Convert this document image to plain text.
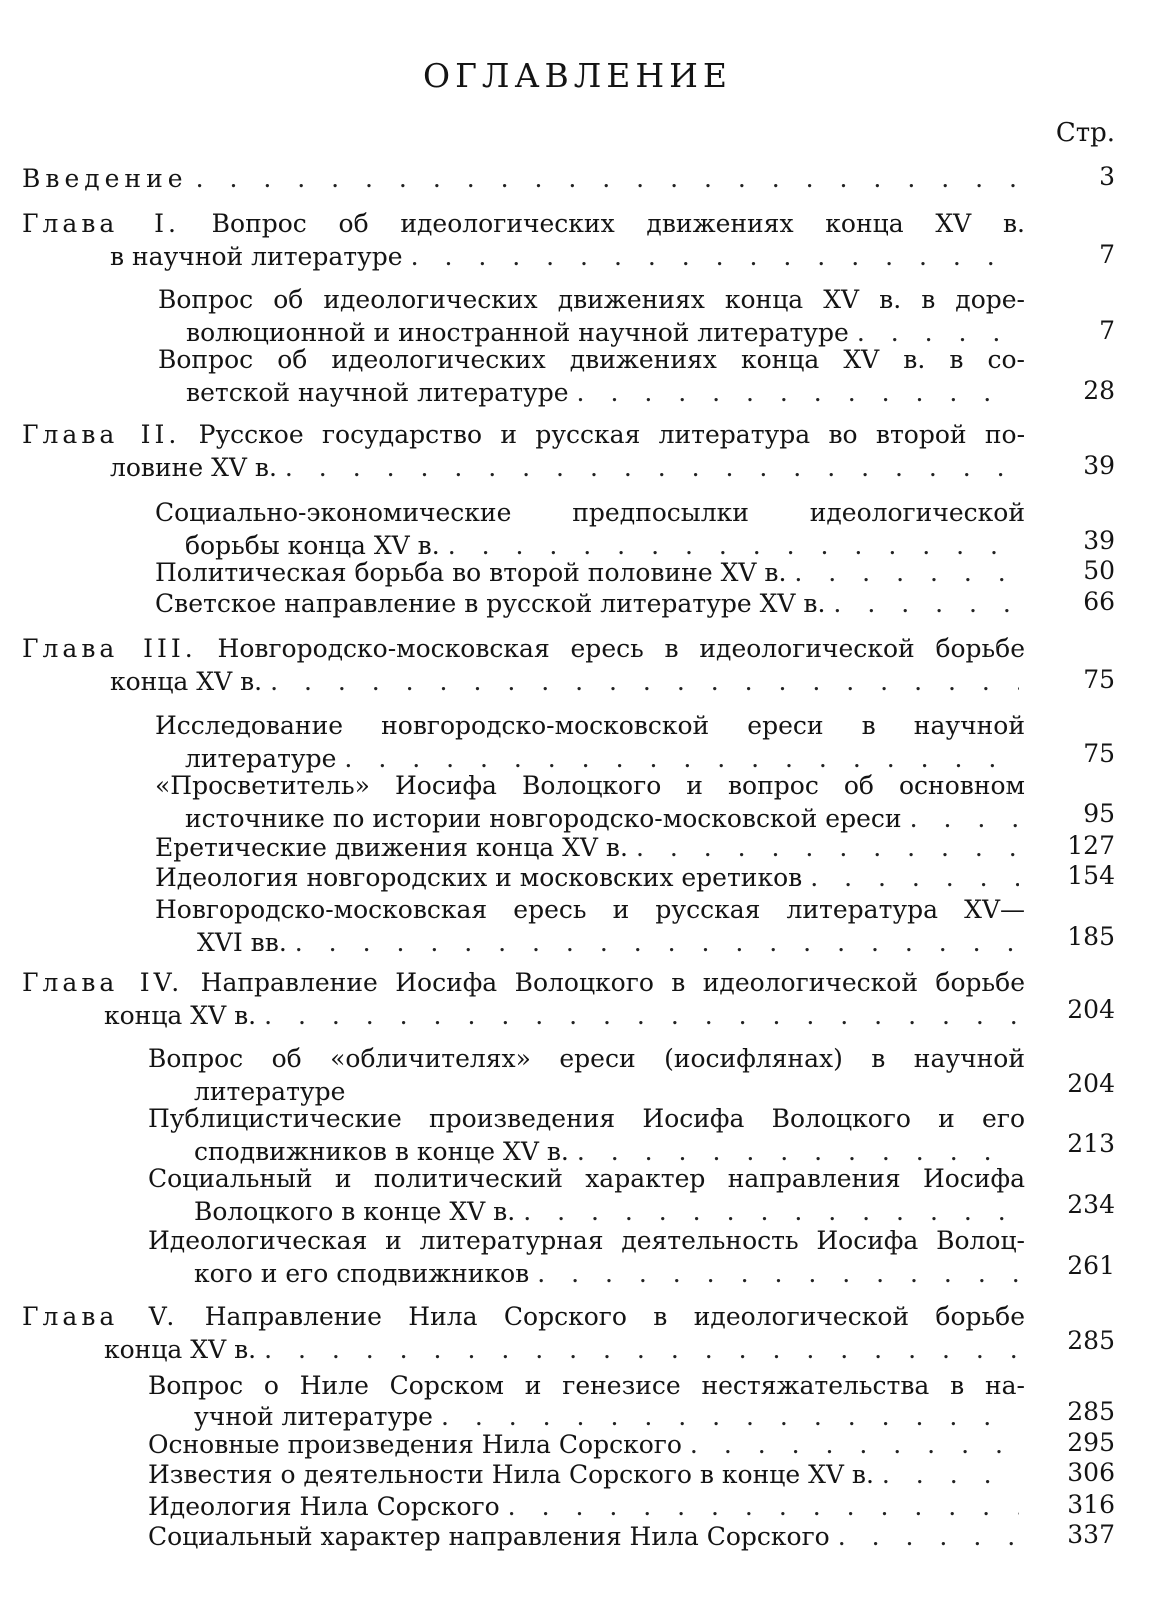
ОГЛАВЛЕНИЕ
Стр.
Введение . . .	3
Глава I. Вопрос об идеологических движениях конца XV в.
в научной литературе . . .	7
Вопрос об идеологических движениях конца XV в. в доре-
волюционной и иностранной научной литературе . . .	7
Вопрос об идеологических движениях конца XV в. в со-
ветской научной литературе . . .	28
Глава II. Русское государство и русская литература во второй по-
ловине XV в. . . .	39
Социально-экономические предпосылки идеологической
борьбы конца XV в. . . .	39
Политическая борьба во второй половине XV в. . . .	50
Светское направление в русской литературе XV в. . . .	66
Глава III. Новгородско-московская ересь в идеологической борьбе
конца XV в. . . .	75
Исследование новгородско-московской ереси в научной
литературе . . .	75
«Просветитель» Иосифа Волоцкого и вопрос об основном
источнике по истории новгородско-московской ереси . . .	95
Еретические движения конца XV в. . . .	127
Идеология новгородских и московских еретиков . . .	154
Новгородско-московская ересь и русская литература XV—
XVI вв. . . .	185
Глава IV. Направление Иосифа Волоцкого в идеологической борьбе
конца XV в. . . .	204
Вопрос об «обличителях» ереси (иосифлянах) в научной
литературе	204
Публицистические произведения Иосифа Волоцкого и его
сподвижников в конце XV в. . . .	213
Социальный и политический характер направления Иосифа
Волоцкого в конце XV в. . . .	234
Идеологическая и литературная деятельность Иосифа Волоц-
кого и его сподвижников . . .	261
Глава V. Направление Нила Сорского в идеологической борьбе
конца XV в. . . .	285
Вопрос о Ниле Сорском и генезисе нестяжательства в на-
учной литературе . . .	285
Основные произведения Нила Сорского . . .	295
Известия о деятельности Нила Сорского в конце XV в. . . .	306
Идеология Нила Сорского . . .	316
Социальный характер направления Нила Сорского . . .	337
